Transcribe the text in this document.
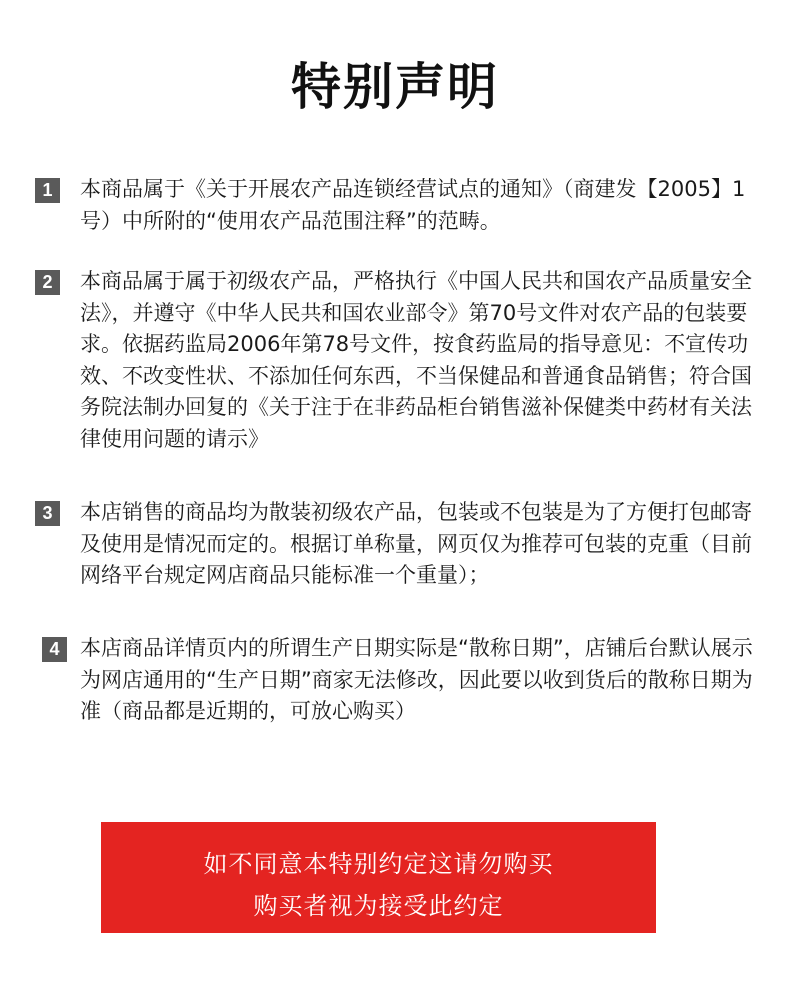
特别声明
1	本商品属于《关于开展农产品连锁经营试点的通知》（商建发【2005】1号）中所附的“使用农产品范围注释”的范畴。
2	本商品属于属于初级农产品，严格执行《中国人民共和国农产品质量安全法》，并遵守《中华人民共和国农业部令》第70号文件对农产品的包装要求。依据药监局2006年第78号文件，按食药监局的指导意见：不宣传功效、不改变性状、不添加任何东西，不当保健品和普通食品销售；符合国务院法制办回复的《关于注于在非药品柜台销售滋补保健类中药材有关法律使用问题的请示》
3	本店销售的商品均为散装初级农产品，包装或不包装是为了方便打包邮寄及使用是情况而定的。根据订单称量，网页仅为推荐可包装的克重（目前网络平台规定网店商品只能标准一个重量）；
4 本店商品详情页内的所谓生产日期实际是“散称日期”，店铺后台默认展示为网店通用的“生产日期”商家无法修改，因此要以收到货后的散称日期为准（商品都是近期的，可放心购买）
如不同意本特别约定这请勿购买
购买者视为接受此约定
